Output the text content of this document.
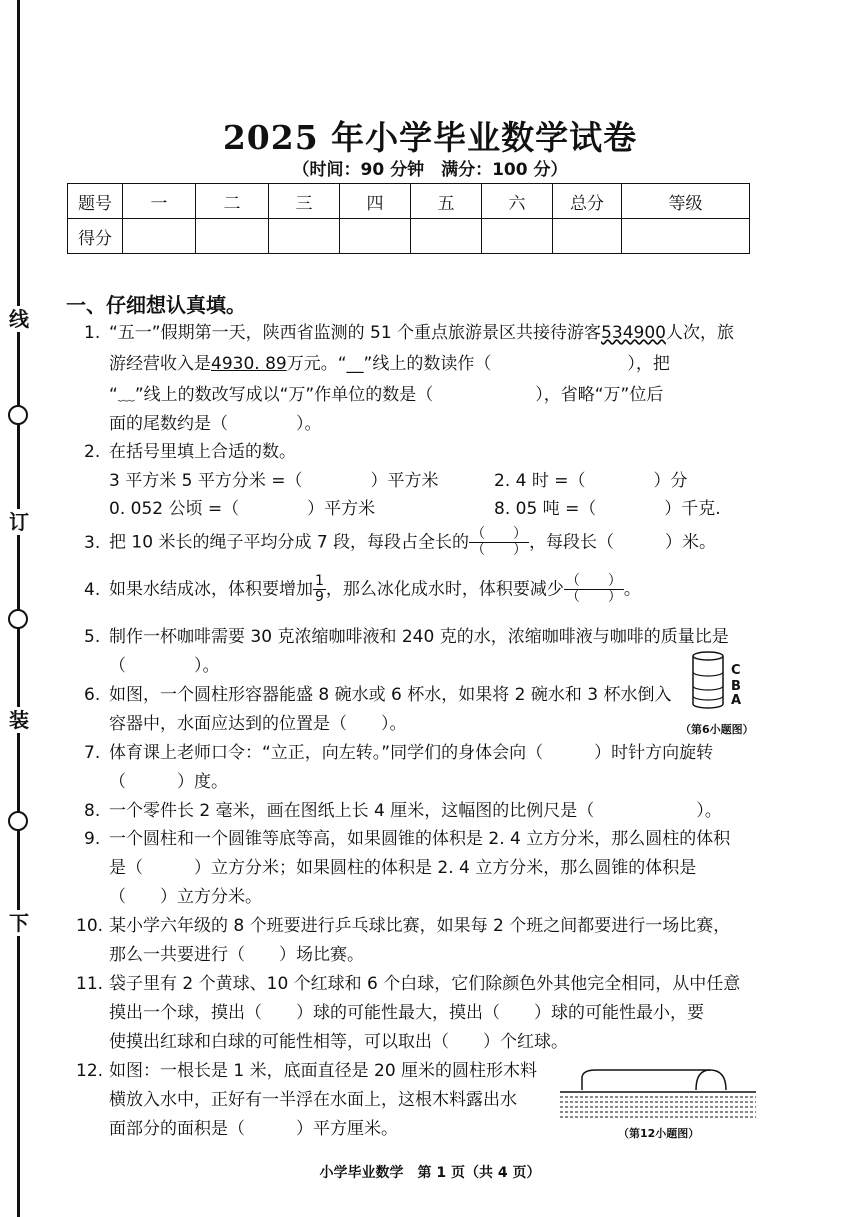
线
订
装
下
2025 年小学毕业数学试卷
（时间：90 分钟　满分：100 分）
题号	一	二	三	四	五	六	总分	等级
得分								
一、仔细想认真填。
1. “五一”假期第一天，陕西省监测的 51 个重点旅游景区共接待游客534900人次，旅
游经营收入是4930. 89万元。“__”线上的数读作（　　　　　　　　），把
“﹏”线上的数改写成以“万”作单位的数是（　　　　　　），省略“万”位后
面的尾数约是（　　　　）。
2. 在括号里填上合适的数。
3 平方米 5 平方分米 =（　　　　）平方米	2. 4 时 =（　　　　）分
0. 052 公顷 =（　　　　）平方米	8. 05 吨 =（　　　　）千克.
3. 把 10 米长的绳子平均分成 7 段，每段占全长的 $\frac{( )}{( )}$ ，每段长（　　　）米。
4. 如果水结成冰，体积要增加 $\frac{1}{9}$ ，那么冰化成水时，体积要减少 $\frac{( )}{( )}$ 。
5. 制作一杯咖啡需要 30 克浓缩咖啡液和 240 克的水，浓缩咖啡液与咖啡的质量比是
（　　　　）。
6. 如图，一个圆柱形容器能盛 8 碗水或 6 杯水，如果将 2 碗水和 3 杯水倒入
容器中，水面应达到的位置是（　　）。
C
B
A
（第6小题图）
7. 体育课上老师口令：“立正，向左转。”同学们的身体会向（　　　）时针方向旋转
（　　　）度。
8. 一个零件长 2 毫米，画在图纸上长 4 厘米，这幅图的比例尺是（　　　　　　）。
9. 一个圆柱和一个圆锥等底等高，如果圆锥的体积是 2. 4 立方分米，那么圆柱的体积
是（　　　）立方分米；如果圆柱的体积是 2. 4 立方分米，那么圆锥的体积是
（　　）立方分米。
10. 某小学六年级的 8 个班要进行乒乓球比赛，如果每 2 个班之间都要进行一场比赛，
那么一共要进行（　　）场比赛。
11. 袋子里有 2 个黄球、10 个红球和 6 个白球，它们除颜色外其他完全相同，从中任意
摸出一个球，摸出（　　）球的可能性最大，摸出（　　）球的可能性最小，要
使摸出红球和白球的可能性相等，可以取出（　　）个红球。
12. 如图：一根长是 1 米，底面直径是 20 厘米的圆柱形木料
横放入水中，正好有一半浮在水面上，这根木料露出水
面部分的面积是（　　　）平方厘米。	（第12小题图）
小学毕业数学　第 1 页（共 4 页）
